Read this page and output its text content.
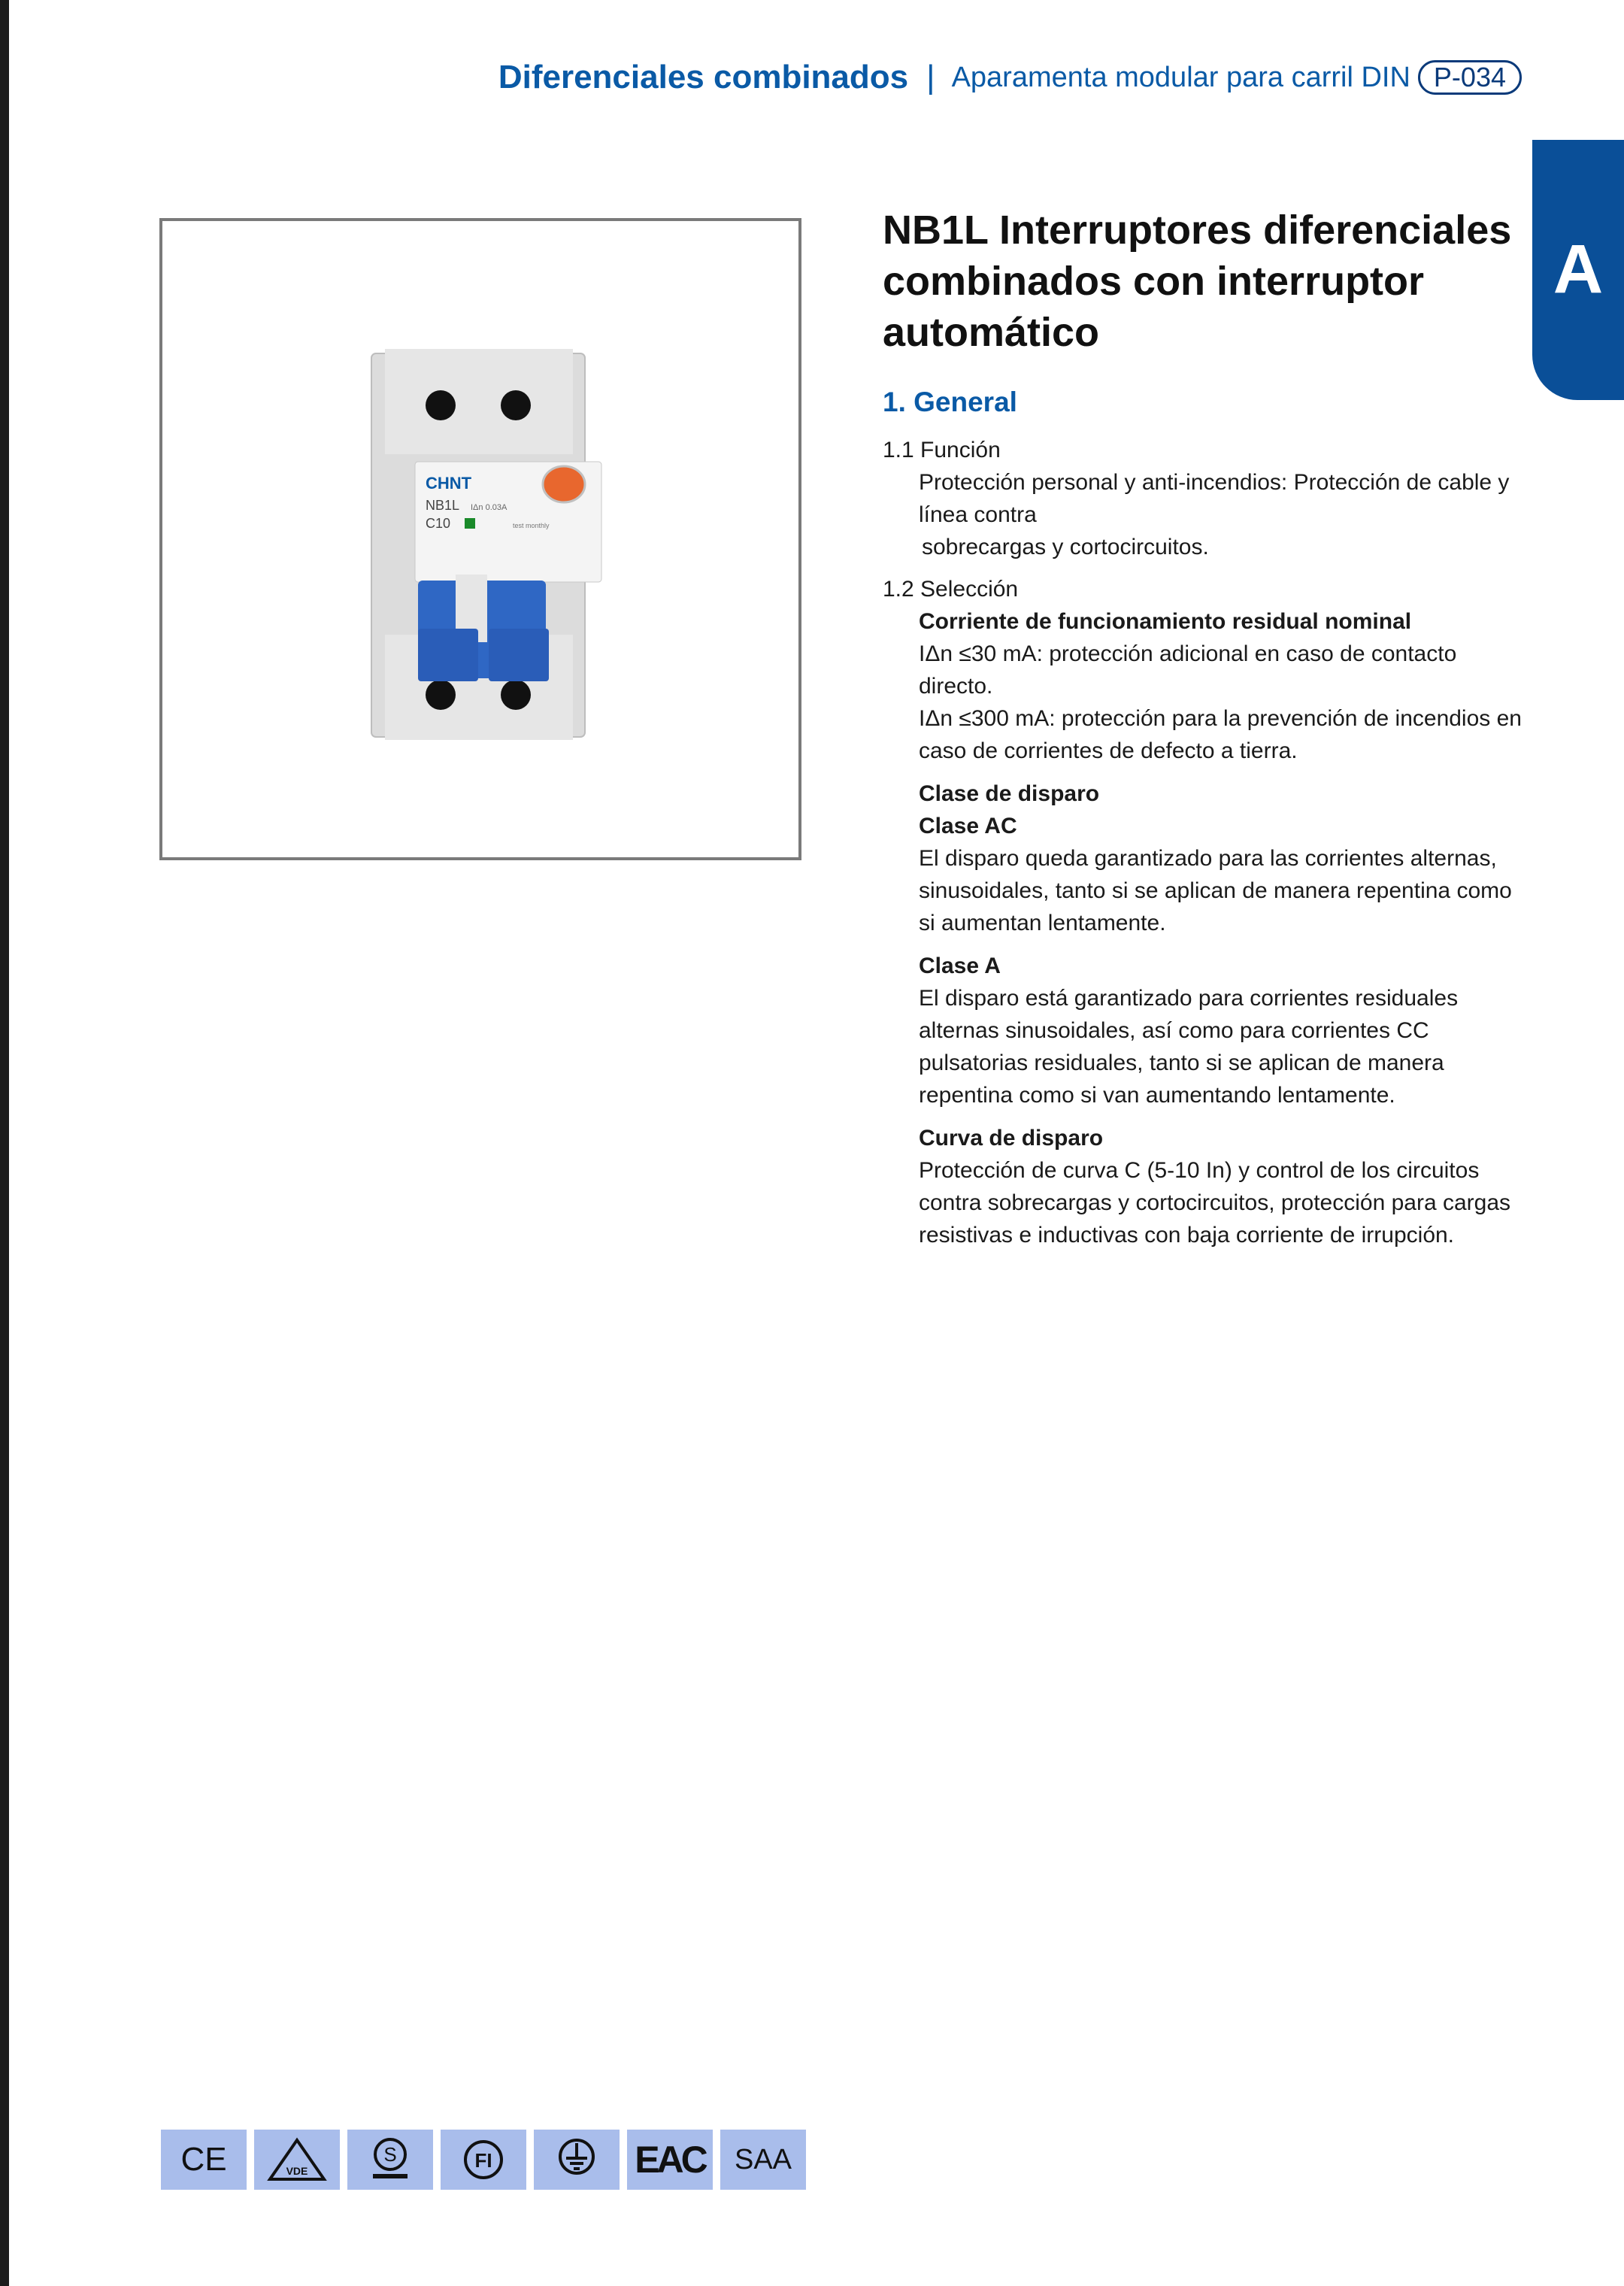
Diferenciales combinados | Aparamenta modular para carril DIN P-034
A
CHNT
NB1L
C10
IΔn 0.03A
test monthly
NB1L Interruptores diferenciales combinados con interruptor automático
1. General
1.1 Función
Protección personal y anti-incendios: Protección de cable y línea contra
sobrecargas y cortocircuitos.
1.2 Selección
Corriente de funcionamiento residual nominal
IΔn ≤30 mA: protección adicional en caso de contacto directo.
IΔn ≤300 mA: protección para la prevención de incendios en caso de corrientes de defecto a tierra.
Clase de disparo
Clase AC
El disparo queda garantizado para las corrientes alternas, sinusoidales, tanto si se aplican de manera repentina como si aumentan lentamente.
Clase A
El disparo está garantizado para corrientes residuales alternas sinusoidales, así como para corrientes CC pulsatorias residuales, tanto si se aplican de manera repentina como si van aumentando lentamente.
Curva de disparo
Protección de curva C (5-10 In) y control de los circuitos contra sobrecargas y cortocircuitos, protección para cargas resistivas e inductivas con baja corriente de irrupción.
CE	VDE
S	FI	EAC SAA
